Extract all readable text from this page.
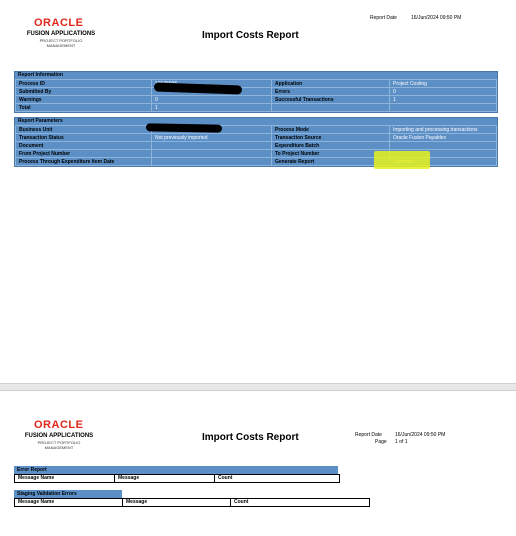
ORACLE
FUSION APPLICATIONS
PROJECT PORTFOLIO
MANAGEMENT
Import Costs Report
Report Date	16/Jun/2024 09:50 PM
Report Information
Process ID		Application	Project Costing
Submitted By		Errors	0
Warnings	0	Successful Transactions	1
Total	1		
Report Parameters
Business Unit		Process Mode	Importing and processing transactions
Transaction Status	Not previously imported	Transaction Source	Oracle Fusion Payables
Document		Expenditure Batch	
From Project Number		To Project Number	
Process Through Expenditure Item Date		Generate Report	
ORACLE
FUSION APPLICATIONS
PROJECT PORTFOLIO
MANAGEMENT
Import Costs Report	Report Date	16/Jun/2024 09:50 PM
Page 1 of 1
Error Report
Message Name	Message	Count
Staging Validation Errors
Message Name	Message	Count
